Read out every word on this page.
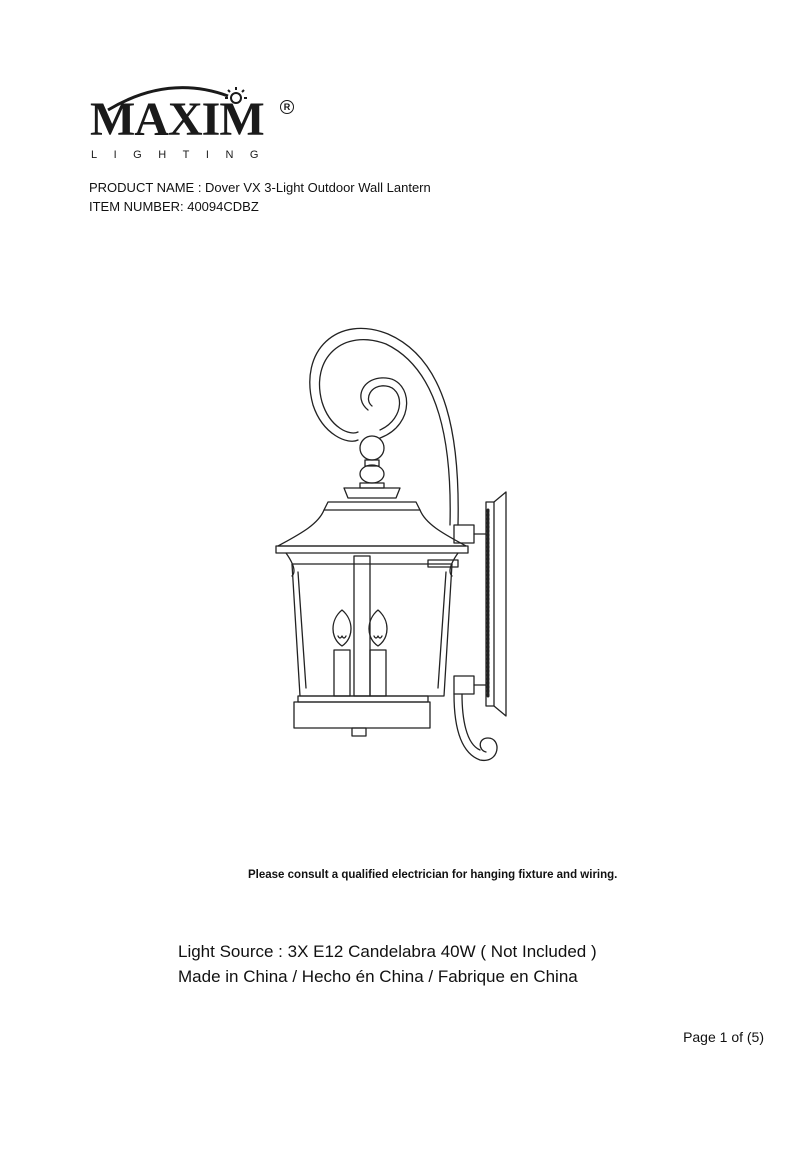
MAXIM	R
LIGHTING
PRODUCT NAME : Dover VX 3-Light Outdoor Wall Lantern
ITEM NUMBER: 40094CDBZ
Please consult a qualified electrician for hanging fixture and wiring.
Light Source : 3X E12 Candelabra 40W ( Not Included )
Made in China / Hecho én China / Fabrique en China
Page 1 of (5)
